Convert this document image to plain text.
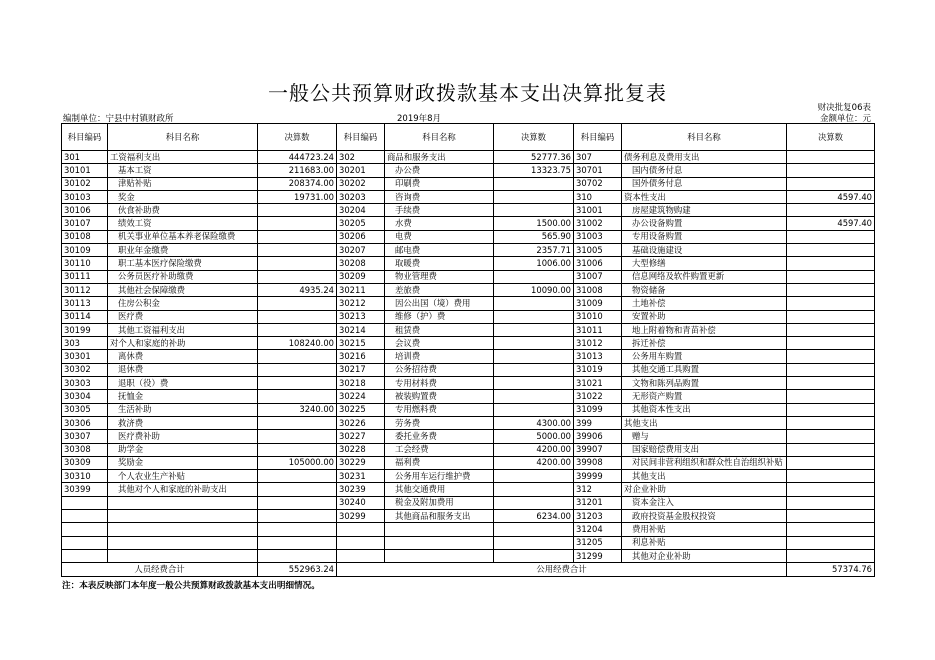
一般公共预算财政拨款基本支出决算批复表
财决批复06表
编制单位：宁县中村镇财政所	2019年8月	金额单位：元
科目编码	科目名称	决算数	科目编码	科目名称	决算数	科目编码	科目名称	决算数
301	工资福利支出	444723.24	302	商品和服务支出	52777.36	307	债务利息及费用支出	
30101	基本工资	211683.00	30201	办公费	13323.75	30701	国内债务付息	
30102	津贴补贴	208374.00	30202	印刷费		30702	国外债务付息	
30103	奖金	19731.00	30203	咨询费		310	资本性支出	4597.40
30106	伙食补助费		30204	手续费		31001	房屋建筑物购建	
30107	绩效工资		30205	水费	1500.00	31002	办公设备购置	4597.40
30108	机关事业单位基本养老保险缴费		30206	电费	565.90	31003	专用设备购置	
30109	职业年金缴费		30207	邮电费	2357.71	31005	基础设施建设	
30110	职工基本医疗保险缴费		30208	取暖费	1006.00	31006	大型修缮	
30111	公务员医疗补助缴费		30209	物业管理费		31007	信息网络及软件购置更新	
30112	其他社会保障缴费	4935.24	30211	差旅费	10090.00	31008	物资储备	
30113	住房公积金		30212	因公出国（境）费用		31009	土地补偿	
30114	医疗费		30213	维修（护）费		31010	安置补助	
30199	其他工资福利支出		30214	租赁费		31011	地上附着物和青苗补偿	
303	对个人和家庭的补助	108240.00	30215	会议费		31012	拆迁补偿	
30301	离休费		30216	培训费		31013	公务用车购置	
30302	退休费		30217	公务招待费		31019	其他交通工具购置	
30303	退职（役）费		30218	专用材料费		31021	文物和陈列品购置	
30304	抚恤金		30224	被装购置费		31022	无形资产购置	
30305	生活补助	3240.00	30225	专用燃料费		31099	其他资本性支出	
30306	救济费		30226	劳务费	4300.00	399	其他支出	
30307	医疗费补助		30227	委托业务费	5000.00	39906	赠与	
30308	助学金		30228	工会经费	4200.00	39907	国家赔偿费用支出	
30309	奖励金	105000.00	30229	福利费	4200.00	39908	对民间非营利组织和群众性自治组织补贴	
30310	个人农业生产补贴		30231	公务用车运行维护费		39999	其他支出	
30399	其他对个人和家庭的补助支出		30239	其他交通费用		312	对企业补助	
			30240	税金及附加费用		31201	资本金注入	
			30299	其他商品和服务支出	6234.00	31203	政府投资基金股权投资	
						31204	费用补贴	
						31205	利息补贴	
						31299	其他对企业补助	
人员经费合计		552963.24	公用经费合计					57374.76
注：本表反映部门本年度一般公共预算财政拨款基本支出明细情况。
